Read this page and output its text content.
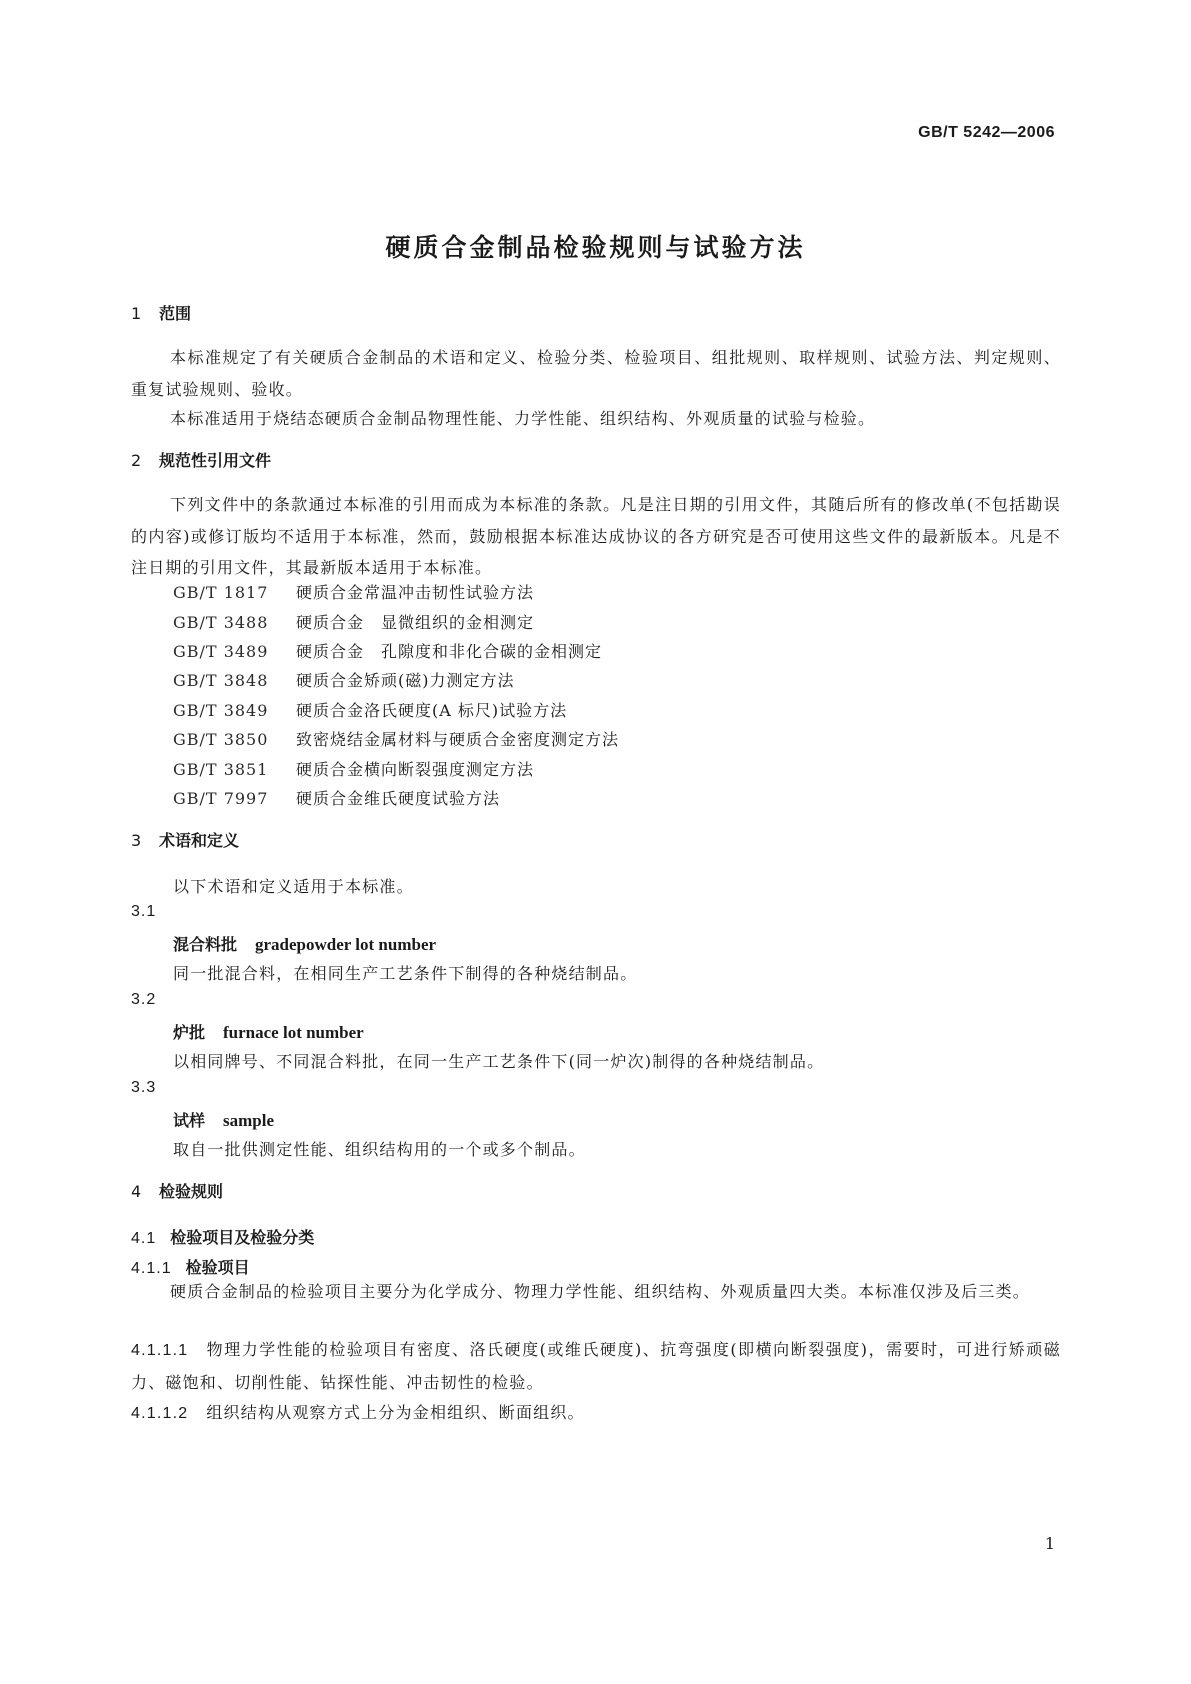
GB/T 5242—2006
硬质合金制品检验规则与试验方法
1 范围
本标准规定了有关硬质合金制品的术语和定义、检验分类、检验项目、组批规则、取样规则、试验方法、判定规则、重复试验规则、验收。
本标准适用于烧结态硬质合金制品物理性能、力学性能、组织结构、外观质量的试验与检验。
2 规范性引用文件
下列文件中的条款通过本标准的引用而成为本标准的条款。凡是注日期的引用文件，其随后所有的修改单(不包括勘误的内容)或修订版均不适用于本标准，然而，鼓励根据本标准达成协议的各方研究是否可使用这些文件的最新版本。凡是不注日期的引用文件，其最新版本适用于本标准。
GB/T 1817 硬质合金常温冲击韧性试验方法
GB/T 3488 硬质合金　显微组织的金相测定
GB/T 3489 硬质合金　孔隙度和非化合碳的金相测定
GB/T 3848 硬质合金矫顽(磁)力测定方法
GB/T 3849 硬质合金洛氏硬度(A 标尺)试验方法
GB/T 3850 致密烧结金属材料与硬质合金密度测定方法
GB/T 3851 硬质合金横向断裂强度测定方法
GB/T 7997 硬质合金维氏硬度试验方法
3 术语和定义
以下术语和定义适用于本标准。
3.1
混合料批 gradepowder lot number
同一批混合料，在相同生产工艺条件下制得的各种烧结制品。
3.2
炉批 furnace lot number
以相同牌号、不同混合料批，在同一生产工艺条件下(同一炉次)制得的各种烧结制品。
3.3
试样 sample
取自一批供测定性能、组织结构用的一个或多个制品。
4 检验规则
4.1 检验项目及检验分类
4.1.1 检验项目
硬质合金制品的检验项目主要分为化学成分、物理力学性能、组织结构、外观质量四大类。本标准仅涉及后三类。
4.1.1.1 物理力学性能的检验项目有密度、洛氏硬度(或维氏硬度)、抗弯强度(即横向断裂强度)，需要时，可进行矫顽磁力、磁饱和、切削性能、钻探性能、冲击韧性的检验。
4.1.1.2 组织结构从观察方式上分为金相组织、断面组织。
1
